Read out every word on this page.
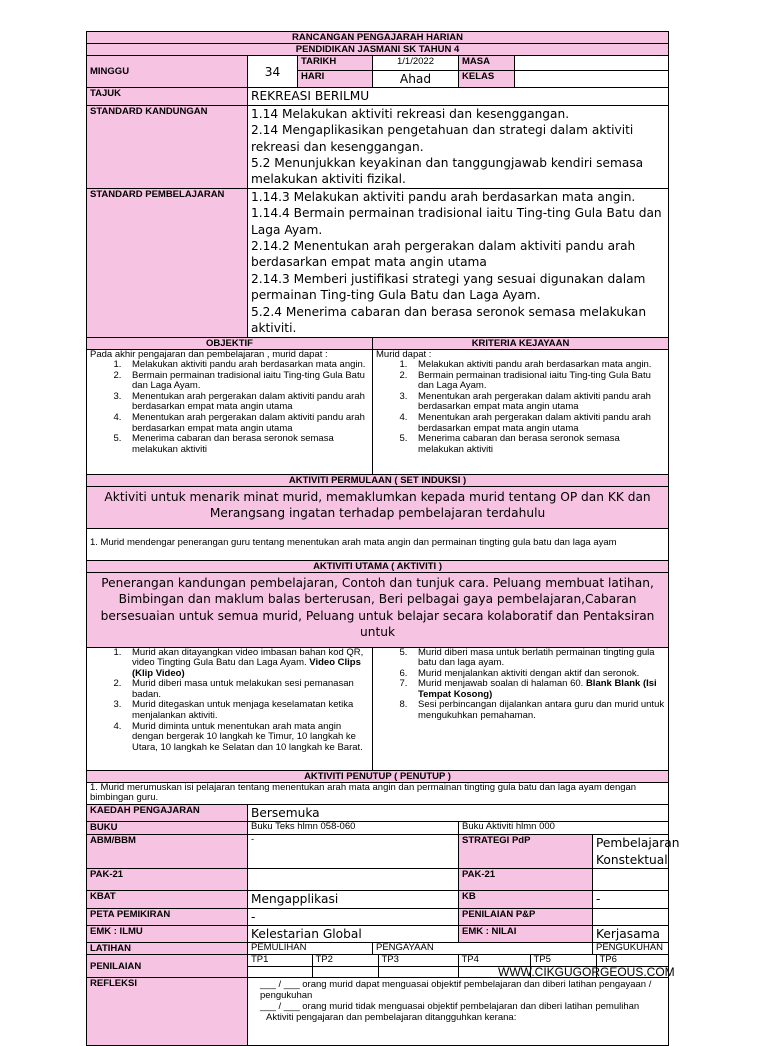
RANCANGAN PENGAJARAH HARIAN
PENDIDIKAN JASMANI SK TAHUN 4
MINGGU	34	TARIKH	1/1/2022	MASA	
HARI	Ahad	KELAS	
TAJUK	REKREASI BERILMU
STANDARD KANDUNGAN	1.14 Melakukan aktiviti rekreasi dan kesenggangan.
2.14 Mengaplikasikan pengetahuan dan strategi dalam aktiviti rekreasi dan kesenggangan.
5.2 Menunjukkan keyakinan dan tanggungjawab kendiri semasa melakukan aktiviti fizikal.

STANDARD PEMBELAJARAN	1.14.3 Melakukan aktiviti pandu arah berdasarkan mata angin.
1.14.4 Bermain permainan tradisional iaitu Ting-ting Gula Batu dan Laga Ayam.
2.14.2 Menentukan arah pergerakan dalam aktiviti pandu arah berdasarkan empat mata angin utama
2.14.3 Memberi justifikasi strategi yang sesuai digunakan dalam permainan Ting-ting Gula Batu dan Laga Ayam.
5.2.4 Menerima cabaran dan berasa seronok semasa melakukan aktiviti.

OBJEKTIF	KRITERIA KEJAYAAN

Pada akhir pengajaran dan pembelajaran , murid dapat :
1. Melakukan aktiviti pandu arah berdasarkan mata angin.
2. Bermain permainan tradisional iaitu Ting-ting Gula Batu dan Laga Ayam.
3. Menentukan arah pergerakan dalam aktiviti pandu arah berdasarkan empat mata angin utama
4. Menentukan arah pergerakan dalam aktiviti pandu arah berdasarkan empat mata angin utama
5. Menerima cabaran dan berasa seronok semasa melakukan aktiviti

Murid dapat :
1. Melakukan aktiviti pandu arah berdasarkan mata angin.
2. Bermain permainan tradisional iaitu Ting-ting Gula Batu dan Laga Ayam.
3. Menentukan arah pergerakan dalam aktiviti pandu arah berdasarkan empat mata angin utama
4. Menentukan arah pergerakan dalam aktiviti pandu arah berdasarkan empat mata angin utama
5. Menerima cabaran dan berasa seronok semasa melakukan aktiviti

AKTIVITI PERMULAAN ( SET INDUKSI )
Aktiviti untuk menarik minat murid, memaklumkan kepada murid tentang OP dan KK dan Merangsang ingatan terhadap pembelajaran terdahulu

1. Murid mendengar penerangan guru tentang menentukan arah mata angin dan permainan tingting gula batu dan laga ayam
AKTIVITI UTAMA ( AKTIVITI )
Penerangan kandungan pembelajaran, Contoh dan tunjuk cara. Peluang membuat latihan, Bimbingan dan maklum balas berterusan, Beri pelbagai gaya pembelajaran,Cabaran bersesuaian untuk semua murid, Peluang untuk belajar secara kolaboratif dan Pentaksiran untuk

1. Murid akan ditayangkan video imbasan bahan kod QR, video Tingting Gula Batu dan Laga Ayam. Video Clips (Klip Video)
2. Murid diberi masa untuk melakukan sesi pemanasan badan.
3. Murid ditegaskan untuk menjaga keselamatan ketika menjalankan aktiviti.
4. Murid diminta untuk menentukan arah mata angin dengan bergerak 10 langkah ke Timur, 10 langkah ke Utara, 10 langkah ke Selatan dan 10 langkah ke Barat.

5. Murid diberi masa untuk berlatih permainan tingting gula batu dan laga ayam.
6. Murid menjalankan aktiviti dengan aktif dan seronok.
7. Murid menjawab soalan di halaman 60. Blank Blank (Isi Tempat Kosong)
8. Sesi perbincangan dijalankan antara guru dan murid untuk mengukuhkan pemahaman.

AKTIVITI PENUTUP ( PENUTUP )
1. Murid merumuskan isi pelajaran tentang menentukan arah mata angin dan permainan tingting gula batu dan laga ayam dengan bimbingan guru.
KAEDAH PENGAJARAN	Bersemuka
BUKU	Buku Teks hlmn 058-060	Buku Aktiviti hlmn 000
ABM/BBM	-	STRATEGI PdP	Pembelajaran Konstektual
PAK-21		PAK-21	
KBAT	Mengapplikasi	KB	-
PETA PEMIKIRAN	-	PENILAIAN P&P	
EMK : ILMU	Kelestarian Global	EMK : NILAI	Kerjasama
LATIHAN	PEMULIHAN	PENGAYAAN	PENGUKUHAN
PENILAIAN	
TP1	TP2	TP3	TP4	TP5	TP6

REFLEKSI	___ / ___ orang murid dapat menguasai objektif pembelajaran dan diberi latihan pengayaan / pengukuhan

___ / ___ orang murid tidak menguasai objektif pembelajaran dan diberi latihan pemulihan

Aktiviti pengajaran dan pembelajaran ditangguhkan kerana:

WWW.CIKGUGORGEOUS.COM
